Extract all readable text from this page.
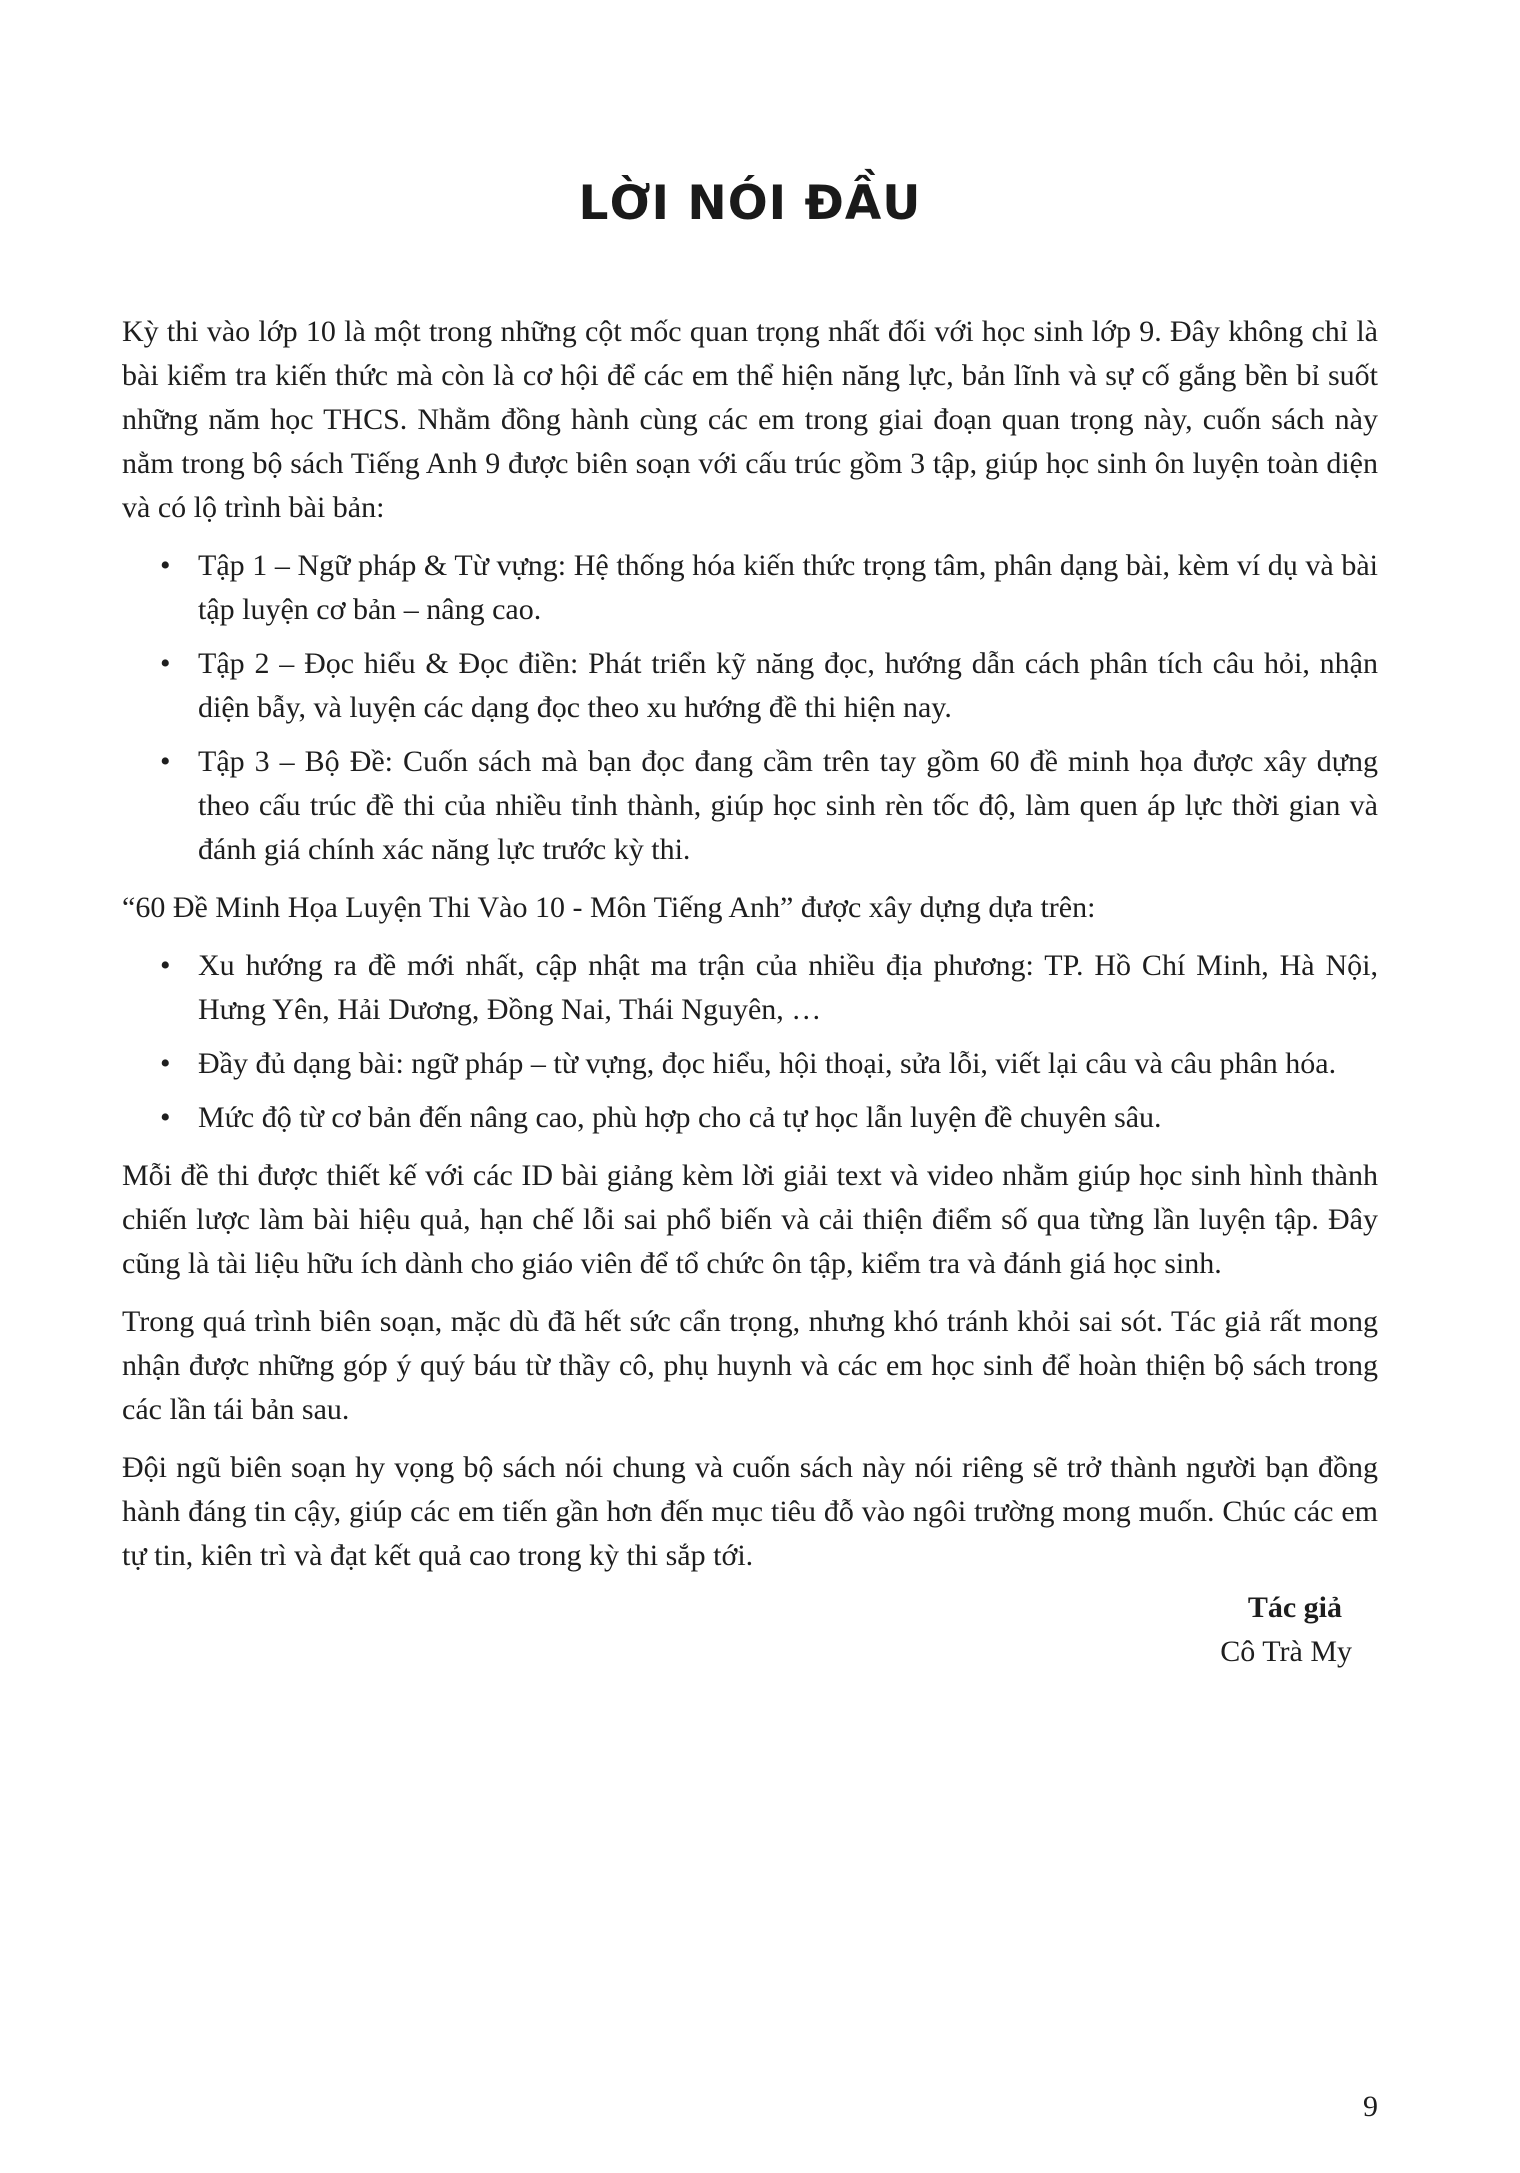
LỜI NÓI ĐẦU

Kỳ thi vào lớp 10 là một trong những cột mốc quan trọng nhất đối với học sinh lớp 9. Đây không chỉ là bài kiểm tra kiến thức mà còn là cơ hội để các em thể hiện năng lực, bản lĩnh và sự cố gắng bền bỉ suốt những năm học THCS. Nhằm đồng hành cùng các em trong giai đoạn quan trọng này, cuốn sách này nằm trong bộ sách Tiếng Anh 9 được biên soạn với cấu trúc gồm 3 tập, giúp học sinh ôn luyện toàn diện và có lộ trình bài bản:

• Tập 1 – Ngữ pháp & Từ vựng: Hệ thống hóa kiến thức trọng tâm, phân dạng bài, kèm ví dụ và bài tập luyện cơ bản – nâng cao.
• Tập 2 – Đọc hiểu & Đọc điền: Phát triển kỹ năng đọc, hướng dẫn cách phân tích câu hỏi, nhận diện bẫy, và luyện các dạng đọc theo xu hướng đề thi hiện nay.
• Tập 3 – Bộ Đề: Cuốn sách mà bạn đọc đang cầm trên tay gồm 60 đề minh họa được xây dựng theo cấu trúc đề thi của nhiều tỉnh thành, giúp học sinh rèn tốc độ, làm quen áp lực thời gian và đánh giá chính xác năng lực trước kỳ thi.

“60 Đề Minh Họa Luyện Thi Vào 10 - Môn Tiếng Anh” được xây dựng dựa trên:

• Xu hướng ra đề mới nhất, cập nhật ma trận của nhiều địa phương: TP. Hồ Chí Minh, Hà Nội, Hưng Yên, Hải Dương, Đồng Nai, Thái Nguyên, …
• Đầy đủ dạng bài: ngữ pháp – từ vựng, đọc hiểu, hội thoại, sửa lỗi, viết lại câu và câu phân hóa.
• Mức độ từ cơ bản đến nâng cao, phù hợp cho cả tự học lẫn luyện đề chuyên sâu.

Mỗi đề thi được thiết kế với các ID bài giảng kèm lời giải text và video nhằm giúp học sinh hình thành chiến lược làm bài hiệu quả, hạn chế lỗi sai phổ biến và cải thiện điểm số qua từng lần luyện tập. Đây cũng là tài liệu hữu ích dành cho giáo viên để tổ chức ôn tập, kiểm tra và đánh giá học sinh.

Trong quá trình biên soạn, mặc dù đã hết sức cẩn trọng, nhưng khó tránh khỏi sai sót. Tác giả rất mong nhận được những góp ý quý báu từ thầy cô, phụ huynh và các em học sinh để hoàn thiện bộ sách trong các lần tái bản sau.

Đội ngũ biên soạn hy vọng bộ sách nói chung và cuốn sách này nói riêng sẽ trở thành người bạn đồng hành đáng tin cậy, giúp các em tiến gần hơn đến mục tiêu đỗ vào ngôi trường mong muốn. Chúc các em tự tin, kiên trì và đạt kết quả cao trong kỳ thi sắp tới.

Tác giả
Cô Trà My
9
